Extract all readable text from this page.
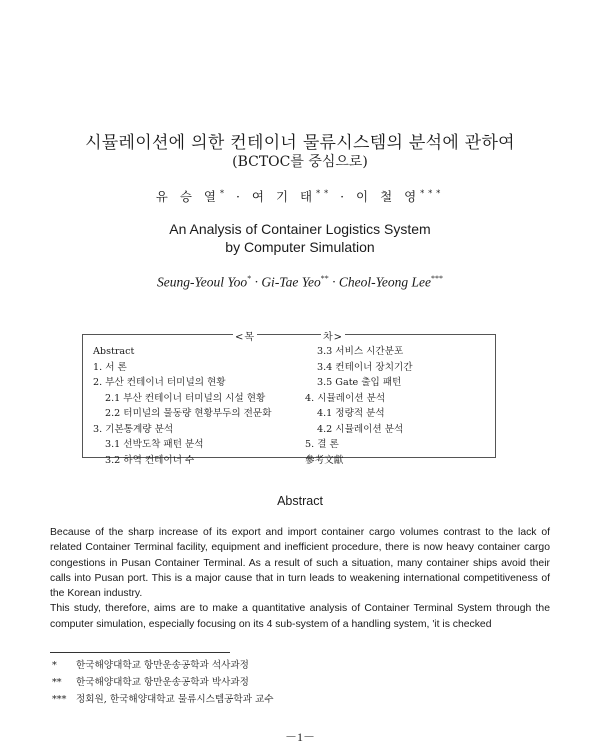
시뮬레이션에 의한 컨테이너 물류시스템의 분석에 관하여
(BCTOC를 중심으로)
유 승 열* · 여 기 태** · 이 철 영***
An Analysis of Container Logistics System
by Computer Simulation
Seung-Yeoul Yoo* · Gi-Tae Yeo** · Cheol-Yeong Lee***
<목	차>
Abstract
1. 서 론
2. 부산 컨테이너 터미널의 현황
2.1 부산 컨테이너 터미널의 시설 현황
2.2 터미널의 물동량 현황부두의 전문화
3. 기본통계량 분석
3.1 선박도착 패턴 분석
3.2 하역 컨테이너 수
3.3 서비스 시간분포
3.4 컨테이너 장치기간
3.5 Gate 출입 패턴
4. 시뮬레이션 분석
4.1 정량적 분석
4.2 시뮬레이션 분석
5. 결 론
參考文獻
Abstract

Because of the sharp increase of its export and import container cargo volumes contrast to the lack of related Container Terminal facility, equipment and inefficient procedure, there is now heavy container cargo congestions in Pusan Container Terminal. As a result of such a situation, many container ships avoid their calls into Pusan port. This is a major cause that in turn leads to weakening international competitiveness of the Korean industry.

This study, therefore, aims are to make a quantitative analysis of Container Terminal System through the computer simulation, especially focusing on its 4 sub-system of a handling system, 'it is checked

* 한국해양대학교 항만운송공학과 석사과정
** 한국해양대학교 항만운송공학과 박사과정
*** 정회원, 한국해양대학교 물류시스템공학과 교수
－1－
